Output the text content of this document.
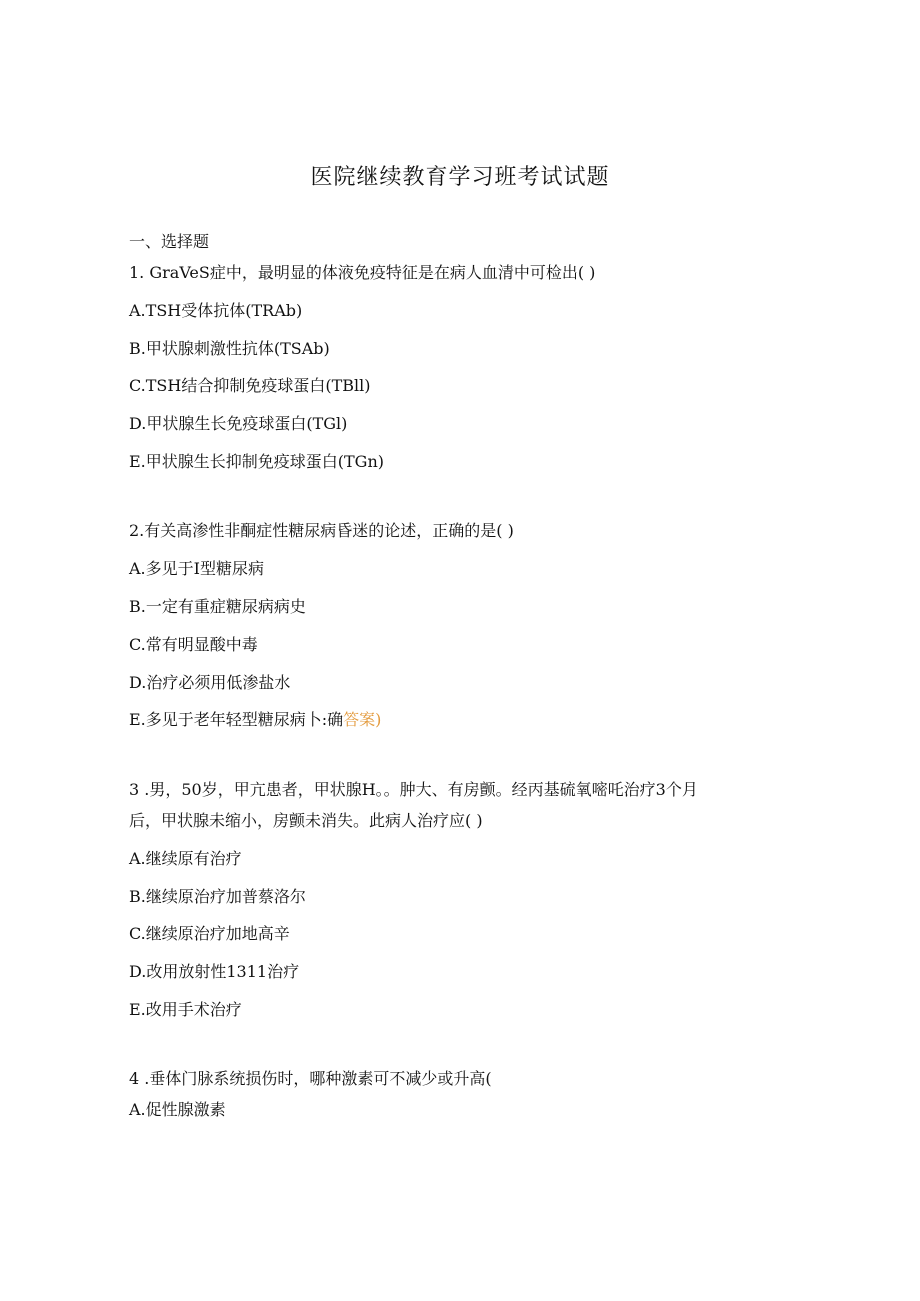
医院继续教育学习班考试试题
一、选择题
1. GraVeS症中，最明显的体液免疫特征是在病人血清中可检出( )
A.TSH受体抗体(TRAb)
B.甲状腺刺激性抗体(TSAb)
C.TSH结合抑制免疫球蛋白(TBll)
D.甲状腺生长免疫球蛋白(TGl)
E.甲状腺生长抑制免疫球蛋白(TGn)
2.有关高渗性非酮症性糖尿病昏迷的论述，正确的是( )
A.多见于I型糖尿病
B.一定有重症糖尿病病史
C.常有明显酸中毒
D.治疗必须用低渗盐水
E.多见于老年轻型糖尿病卜:确答案)
3 .男，50岁，甲亢患者，甲状腺H。。肿大、有房颤。经丙基硫氧嘧吒治疗3个月
后，甲状腺未缩小，房颤未消失。此病人治疗应( )
A.继续原有治疗
B.继续原治疗加普蔡洛尔
C.继续原治疗加地高辛
D.改用放射性1311治疗
E.改用手术治疗
4 .垂体门脉系统损伤时，哪种激素可不减少或升高(
A.促性腺激素
